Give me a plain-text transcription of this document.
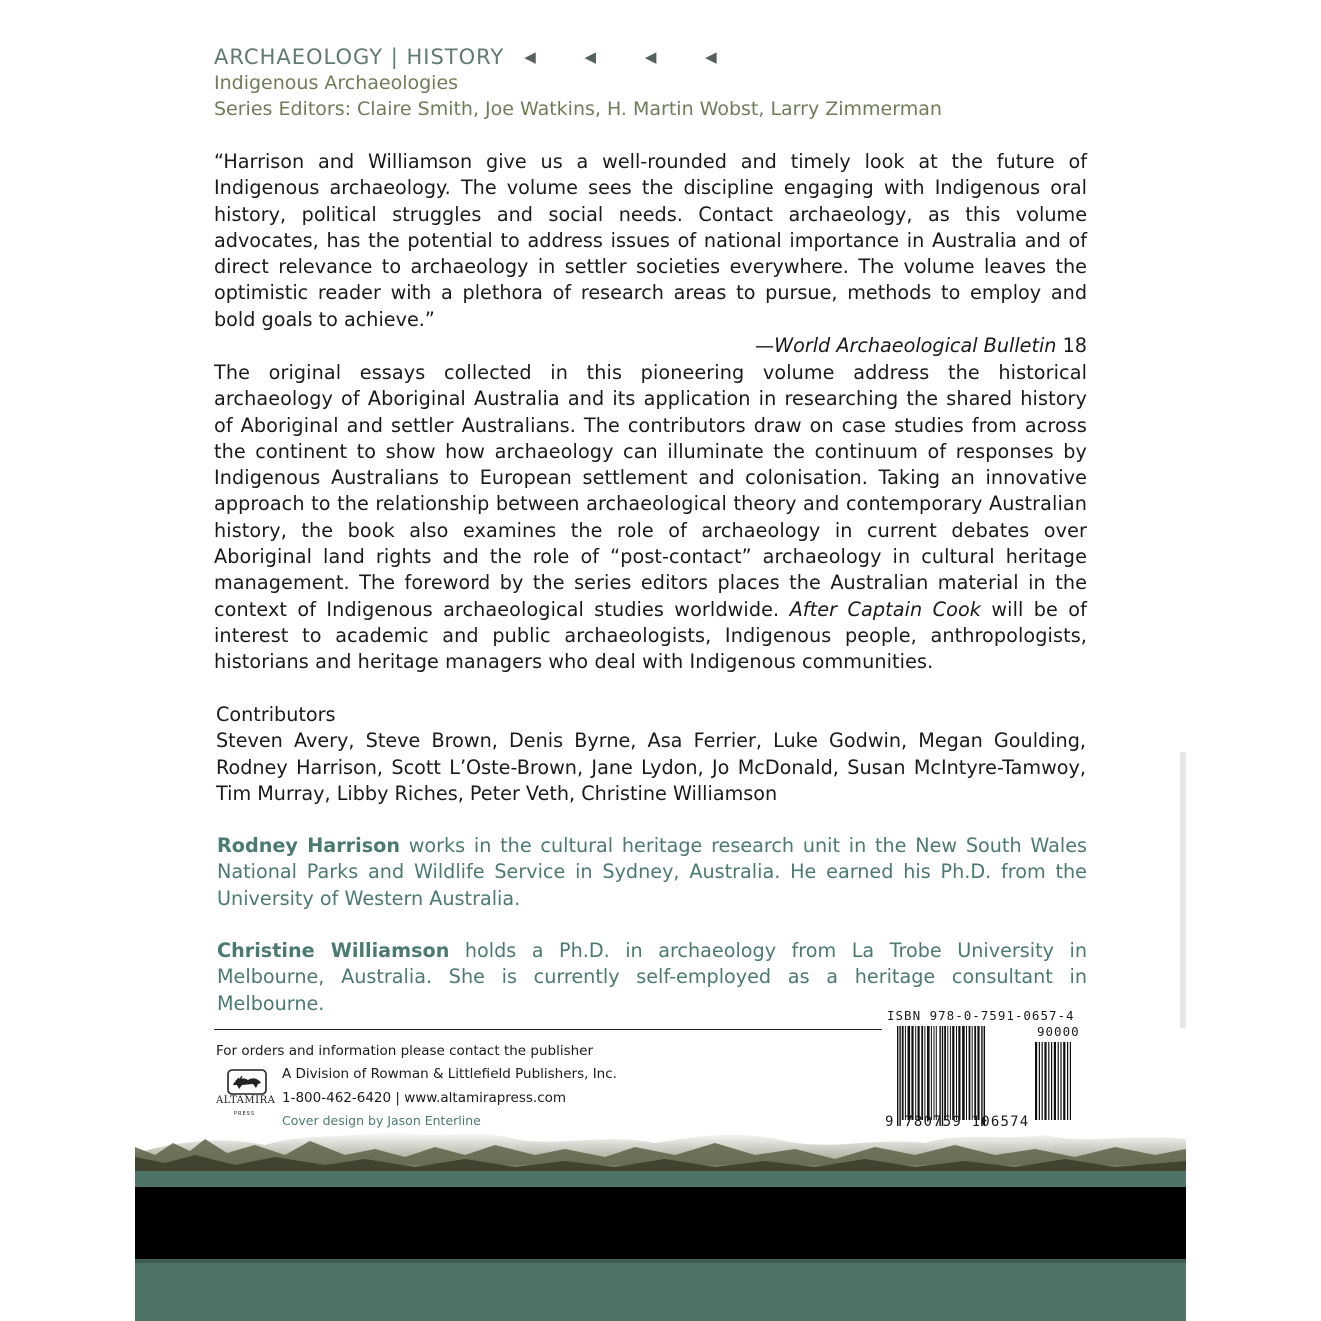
ARCHAEOLOGY | HISTORY ◀ ◀ ◀ ◀
Indigenous Archaeologies
Series Editors: Claire Smith, Joe Watkins, H. Martin Wobst, Larry Zimmerman
“Harrison and Williamson give us a well-rounded and timely look at the future of Indigenous archaeology. The volume sees the discipline engaging with Indigenous oral history, political struggles and social needs. Contact archaeology, as this volume advocates, has the potential to address issues of national importance in Australia and of direct relevance to archaeology in settler societies everywhere. The volume leaves the optimistic reader with a plethora of research areas to pursue, methods to employ and bold goals to achieve.”
—World Archaeological Bulletin 18
The original essays collected in this pioneering volume address the historical archaeology of Aboriginal Australia and its application in researching the shared history of Aboriginal and settler Australians. The contributors draw on case studies from across the continent to show how archaeology can illuminate the continuum of responses by Indigenous Australians to European settlement and colonisation. Taking an innovative approach to the relationship between archaeological theory and contemporary Australian history, the book also examines the role of archaeology in current debates over Aboriginal land rights and the role of “post-contact” archaeology in cultural heritage management. The foreword by the series editors places the Australian material in the context of Indigenous archaeological studies worldwide. After Captain Cook will be of interest to academic and public archaeologists, Indigenous people, anthropologists, historians and heritage managers who deal with Indigenous communities.
Contributors
Steven Avery, Steve Brown, Denis Byrne, Asa Ferrier, Luke Godwin, Megan Goulding, Rodney Harrison, Scott L’Oste-Brown, Jane Lydon, Jo McDonald, Susan McIntyre-Tamwoy, Tim Murray, Libby Riches, Peter Veth, Christine Williamson
Rodney Harrison works in the cultural heritage research unit in the New South Wales National Parks and Wildlife Service in Sydney, Australia. He earned his Ph.D. from the University of Western Australia.
Christine Williamson holds a Ph.D. in archaeology from La Trobe University in Melbourne, Australia. She is currently self-employed as a heritage consultant in Melbourne.
For orders and information please contact the publisher
ALTAMIRA
PRESS
A Division of Rowman & Littlefield Publishers, Inc.
1-800-462-6420 | www.altamirapress.com
Cover design by Jason Enterline
ISBN 978-0-7591-0657-4
90000
9 780759 106574
